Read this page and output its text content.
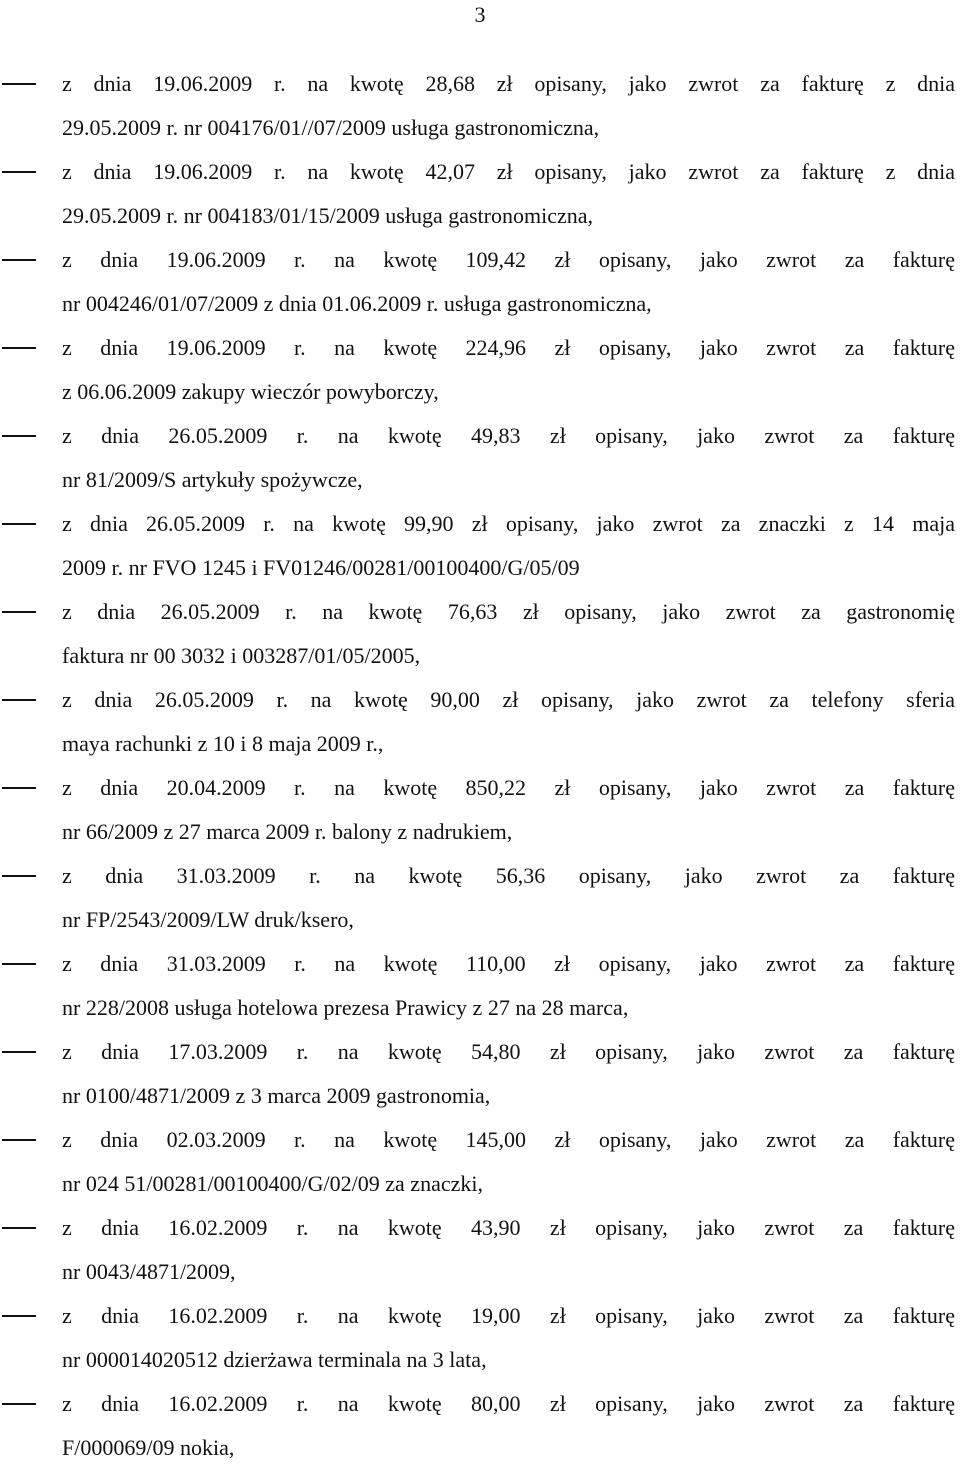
3
z dnia 19.06.2009 r. na kwotę 28,68 zł opisany, jako zwrot za fakturę z dnia
29.05.2009 r. nr 004176/01//07/2009 usługa gastronomiczna,
z dnia 19.06.2009 r. na kwotę 42,07 zł opisany, jako zwrot za fakturę z dnia
29.05.2009 r. nr 004183/01/15/2009 usługa gastronomiczna,
z dnia 19.06.2009 r. na kwotę 109,42 zł opisany, jako zwrot za fakturę
nr 004246/01/07/2009 z dnia 01.06.2009 r. usługa gastronomiczna,
z dnia 19.06.2009 r. na kwotę 224,96 zł opisany, jako zwrot za fakturę
z 06.06.2009 zakupy wieczór powyborczy,
z dnia 26.05.2009 r. na kwotę 49,83 zł opisany, jako zwrot za fakturę
nr 81/2009/S artykuły spożywcze,
z dnia 26.05.2009 r. na kwotę 99,90 zł opisany, jako zwrot za znaczki z 14 maja
2009 r. nr FVO 1245 i FV01246/00281/00100400/G/05/09
z dnia 26.05.2009 r. na kwotę 76,63 zł opisany, jako zwrot za gastronomię
faktura nr 00 3032 i 003287/01/05/2005,
z dnia 26.05.2009 r. na kwotę 90,00 zł opisany, jako zwrot za telefony sferia
maya rachunki z 10 i 8 maja 2009 r.,
z dnia 20.04.2009 r. na kwotę 850,22 zł opisany, jako zwrot za fakturę
nr 66/2009 z 27 marca 2009 r. balony z nadrukiem,
z dnia 31.03.2009 r. na kwotę 56,36 opisany, jako zwrot za fakturę
nr FP/2543/2009/LW druk/ksero,
z dnia 31.03.2009 r. na kwotę 110,00 zł opisany, jako zwrot za fakturę
nr 228/2008 usługa hotelowa prezesa Prawicy z 27 na 28 marca,
z dnia 17.03.2009 r. na kwotę 54,80 zł opisany, jako zwrot za fakturę
nr 0100/4871/2009 z 3 marca 2009 gastronomia,
z dnia 02.03.2009 r. na kwotę 145,00 zł opisany, jako zwrot za fakturę
nr 024 51/00281/00100400/G/02/09 za znaczki,
z dnia 16.02.2009 r. na kwotę 43,90 zł opisany, jako zwrot za fakturę
nr 0043/4871/2009,
z dnia 16.02.2009 r. na kwotę 19,00 zł opisany, jako zwrot za fakturę
nr 000014020512 dzierżawa terminala na 3 lata,
z dnia 16.02.2009 r. na kwotę 80,00 zł opisany, jako zwrot za fakturę
F/000069/09 nokia,
